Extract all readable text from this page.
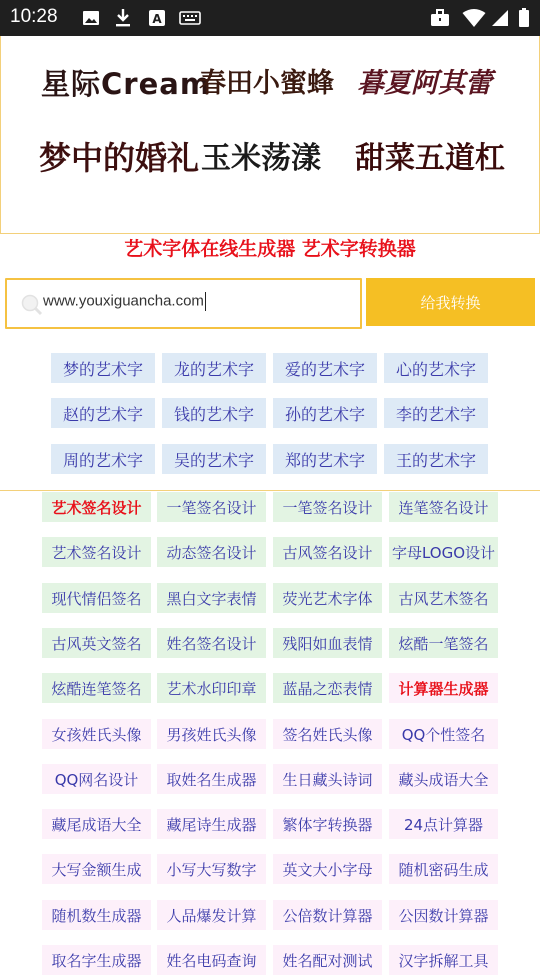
10:28	A
星际Cream
春田小蜜蜂 暮夏阿其蕾
梦中的婚礼 玉米荡漾 甜菜五道杠
艺术字体在线生成器 艺术字转换器
www.youxiguancha.com	给我转换
梦的艺术字	龙的艺术字	爱的艺术字	心的艺术字
赵的艺术字	钱的艺术字	孙的艺术字	李的艺术字
周的艺术字	吴的艺术字	郑的艺术字	王的艺术字
艺术签名设计	一笔签名设计	一笔签名设计	连笔签名设计
艺术签名设计	动态签名设计	古风签名设计	字母LOGO设计
现代情侣签名	黑白文字表情	荧光艺术字体	古风艺术签名
古风英文签名	姓名签名设计	残阳如血表情	炫酷一笔签名
炫酷连笔签名	艺术水印印章	蓝晶之恋表情	计算器生成器
女孩姓氏头像	男孩姓氏头像	签名姓氏头像	QQ个性签名
QQ网名设计	取姓名生成器	生日藏头诗词	藏头成语大全
藏尾成语大全	藏尾诗生成器	繁体字转换器	24点计算器
大写金额生成	小写大写数字	英文大小字母	随机密码生成
随机数生成器	人品爆发计算	公倍数计算器	公因数计算器
取名字生成器	姓名电码查询	姓名配对测试	汉字拆解工具
